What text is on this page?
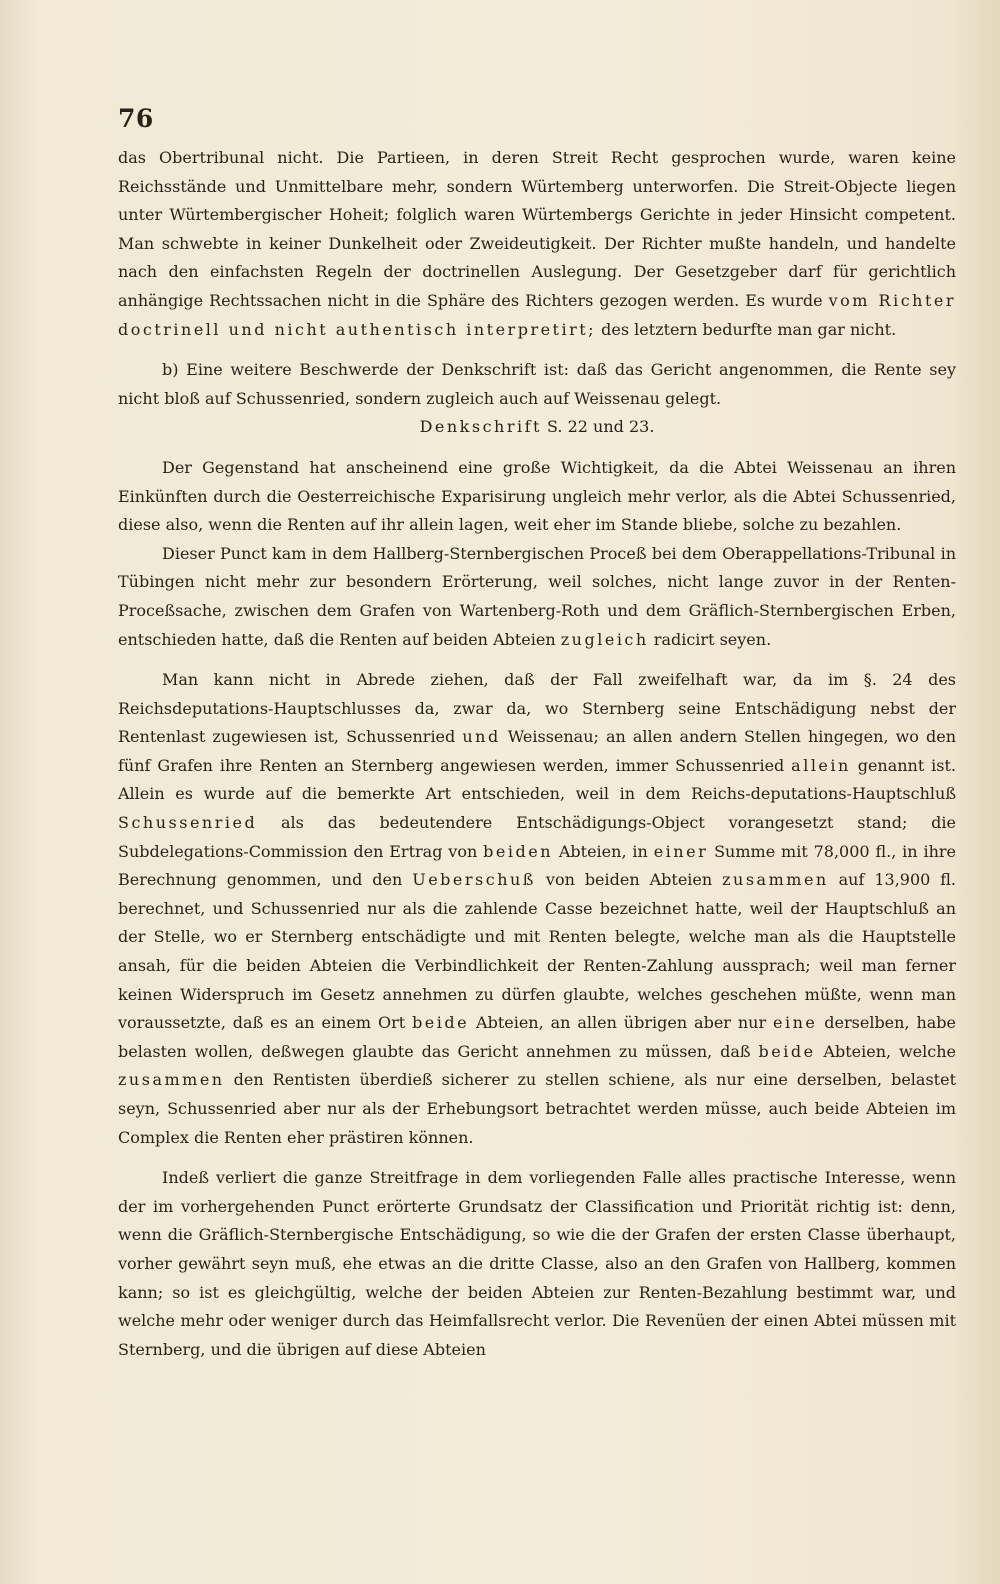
76

das Obertribunal nicht. Die Partieen, in deren Streit Recht gesprochen wurde, waren keine Reichsstände und Unmittelbare mehr, sondern Würtemberg unterworfen. Die Streit-Objecte liegen unter Würtembergischer Hoheit; folglich waren Würtembergs Gerichte in jeder Hinsicht competent. Man schwebte in keiner Dunkelheit oder Zweideutigkeit. Der Richter mußte handeln, und handelte nach den einfachsten Regeln der doctrinellen Auslegung. Der Gesetzgeber darf für gerichtlich anhängige Rechtssachen nicht in die Sphäre des Richters gezogen werden. Es wurde vom Richter doctrinell und nicht authentisch interpretirt; des letztern bedurfte man gar nicht.

b) Eine weitere Beschwerde der Denkschrift ist: daß das Gericht angenommen, die Rente sey nicht bloß auf Schussenried, sondern zugleich auch auf Weissenau gelegt.

Denkschrift S. 22 und 23.

Der Gegenstand hat anscheinend eine große Wichtigkeit, da die Abtei Weissenau an ihren Einkünften durch die Oesterreichische Exparisirung ungleich mehr verlor, als die Abtei Schussenried, diese also, wenn die Renten auf ihr allein lagen, weit eher im Stande bliebe, solche zu bezahlen.

Dieser Punct kam in dem Hallberg-Sternbergischen Proceß bei dem Oberappellations-Tribunal in Tübingen nicht mehr zur besondern Erörterung, weil solches, nicht lange zuvor in der Renten-Proceßsache, zwischen dem Grafen von Wartenberg-Roth und dem Gräflich-Sternbergischen Erben, entschieden hatte, daß die Renten auf beiden Abteien zugleich radicirt seyen.

Man kann nicht in Abrede ziehen, daß der Fall zweifelhaft war, da im §. 24 des Reichsdeputations-Hauptschlusses da, zwar da, wo Sternberg seine Entschädigung nebst der Rentenlast zugewiesen ist, Schussenried und Weissenau; an allen andern Stellen hingegen, wo den fünf Grafen ihre Renten an Sternberg angewiesen werden, immer Schussenried allein genannt ist. Allein es wurde auf die bemerkte Art entschieden, weil in dem Reichs-deputations-Hauptschluß Schussenried als das bedeutendere Entschädigungs-Object vorangesetzt stand; die Subdelegations-Commission den Ertrag von beiden Abteien, in einer Summe mit 78,000 fl., in ihre Berechnung genommen, und den Ueberschuß von beiden Abteien zusammen auf 13,900 fl. berechnet, und Schussenried nur als die zahlende Casse bezeichnet hatte, weil der Hauptschluß an der Stelle, wo er Sternberg entschädigte und mit Renten belegte, welche man als die Hauptstelle ansah, für die beiden Abteien die Verbindlichkeit der Renten-Zahlung aussprach; weil man ferner keinen Widerspruch im Gesetz annehmen zu dürfen glaubte, welches geschehen müßte, wenn man voraussetzte, daß es an einem Ort beide Abteien, an allen übrigen aber nur eine derselben, habe belasten wollen, deßwegen glaubte das Gericht annehmen zu müssen, daß beide Abteien, welche zusammen den Rentisten überdieß sicherer zu stellen schiene, als nur eine derselben, belastet seyn, Schussenried aber nur als der Erhebungsort betrachtet werden müsse, auch beide Abteien im Complex die Renten eher prästiren können.

Indeß verliert die ganze Streitfrage in dem vorliegenden Falle alles practische Interesse, wenn der im vorhergehenden Punct erörterte Grundsatz der Classification und Priorität richtig ist: denn, wenn die Gräflich-Sternbergische Entschädigung, so wie die der Grafen der ersten Classe überhaupt, vorher gewährt seyn muß, ehe etwas an die dritte Classe, also an den Grafen von Hallberg, kommen kann; so ist es gleichgültig, welche der beiden Abteien zur Renten-Bezahlung bestimmt war, und welche mehr oder weniger durch das Heimfallsrecht verlor. Die Revenüen der einen Abtei müssen mit Sternberg, und die übrigen auf diese Abteien
